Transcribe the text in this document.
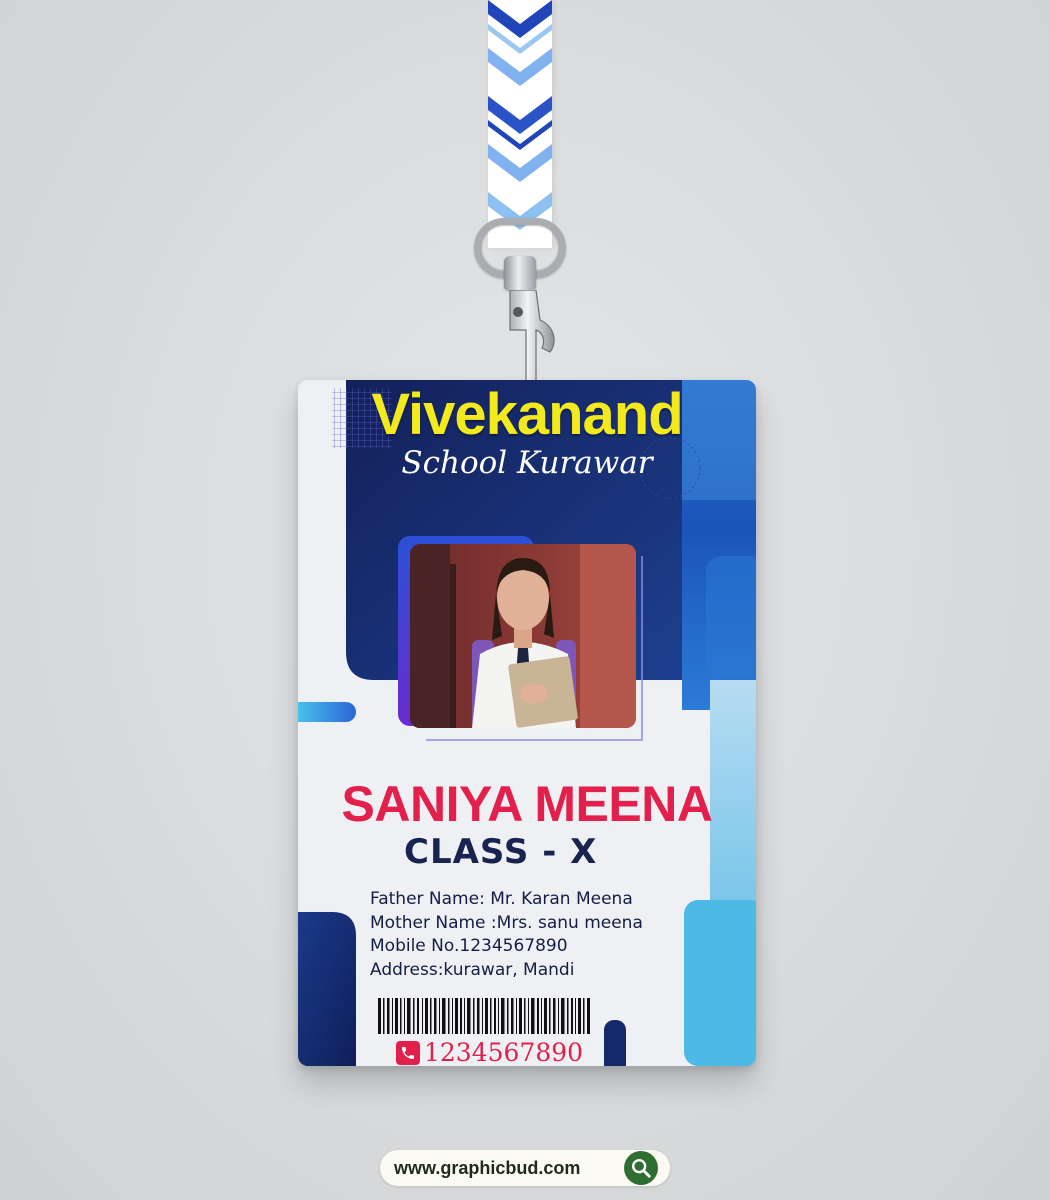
Vivekanand
School Kurawar
SANIYA MEENA
CLASS - X
Father Name: Mr. Karan Meena
Mother Name :Mrs. sanu meena
Mobile No.1234567890
Address:kurawar, Mandi
1234567890
www.graphicbud.com
